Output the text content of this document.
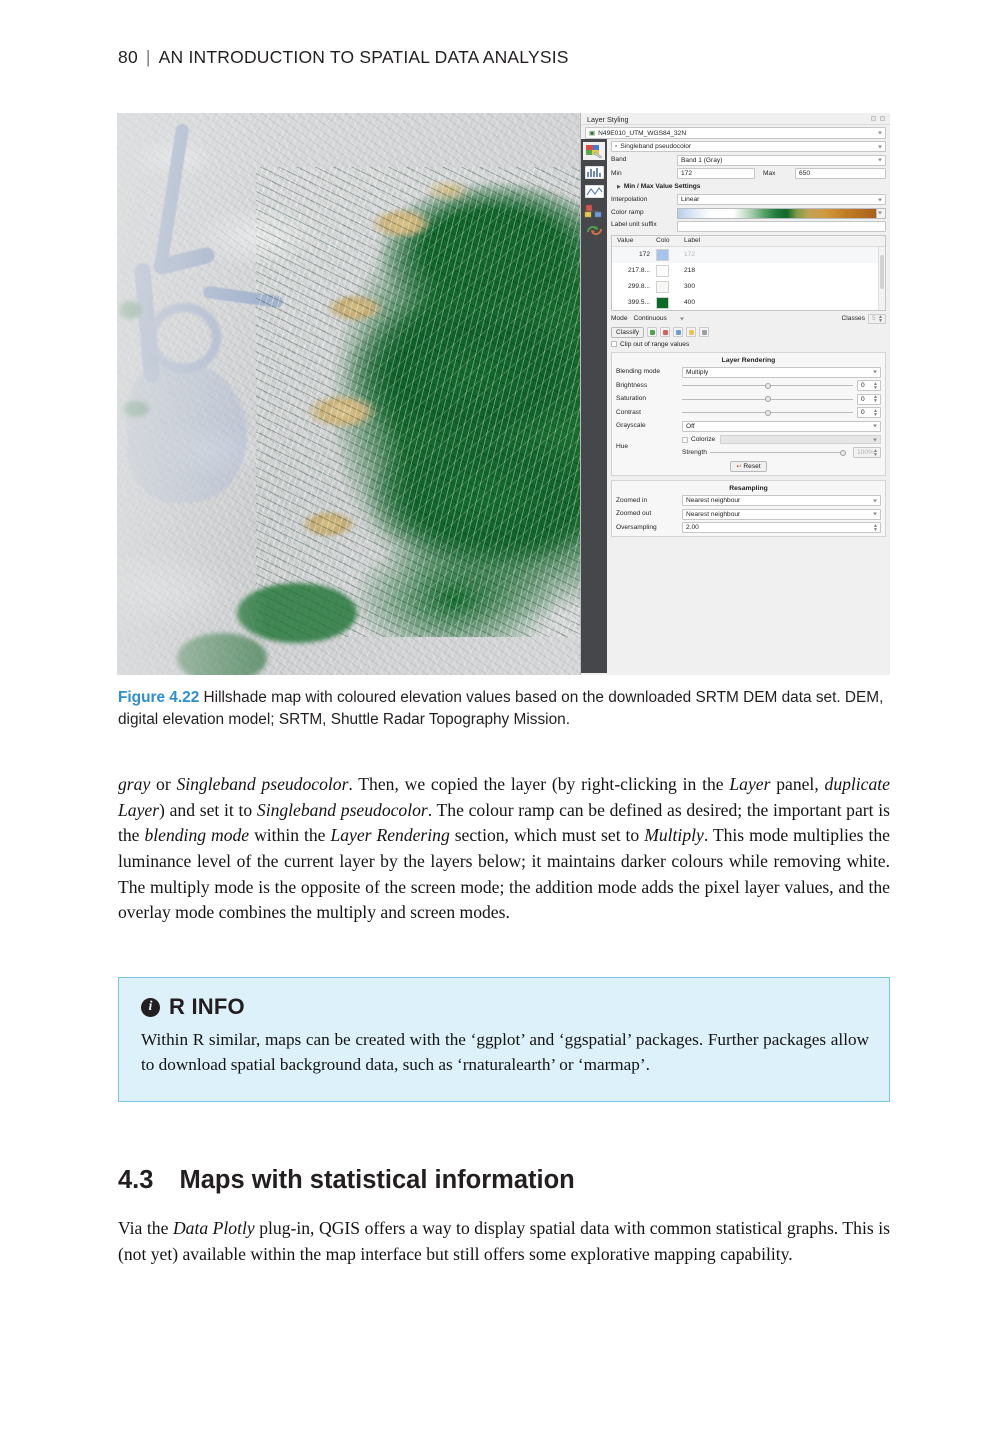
80 | AN INTRODUCTION TO SPATIAL DATA ANALYSIS
Layer Styling
▣ N49E010_UTM_WGS84_32N
▫ Singleband pseudocolor
Band	Band 1 (Gray)
Min	172	Max	650
▶ Min / Max Value Settings
Interpolation	Linear
Color ramp
Label unit suffix
Value	Colo	Label
172	172
217.8...	218
299.8...	300
399.5...	400
Mode Continuous	Classes 5 ▲
▼
Classify
Clip out of range values
Layer Rendering
Blending mode	Multiply
Brightness	0 ▲
▼
Saturation	0 ▲
▼
Contrast	0 ▲
▼
Grayscale	Off
Hue
Colorize
Strength	100% ▲
▼
↩ Reset
Resampling
Zoomed in	Nearest neighbour
Zoomed out	Nearest neighbour
Oversampling	2.00	▲
▼
Figure 4.22 Hillshade map with coloured elevation values based on the downloaded SRTM DEM data set. DEM, digital elevation model; SRTM, Shuttle Radar Topography Mission.
gray or Singleband pseudocolor. Then, we copied the layer (by right-clicking in the Layer panel, duplicate Layer) and set it to Singleband pseudocolor. The colour ramp can be defined as desired; the important part is the blending mode within the Layer Rendering section, which must set to Multiply. This mode multiplies the luminance level of the current layer by the layers below; it maintains darker colours while removing white. The multiply mode is the opposite of the screen mode; the addition mode adds the pixel layer values, and the overlay mode combines the multiply and screen modes.
i R INFO
Within R similar, maps can be created with the ‘ggplot’ and ‘ggspatial’ packages. Further packages allow to download spatial background data, such as ‘rnaturalearth’ or ‘marmap’.
4.3 Maps with statistical information
Via the Data Plotly plug-in, QGIS offers a way to display spatial data with common statistical graphs. This is (not yet) available within the map interface but still offers some explorative mapping capability.
